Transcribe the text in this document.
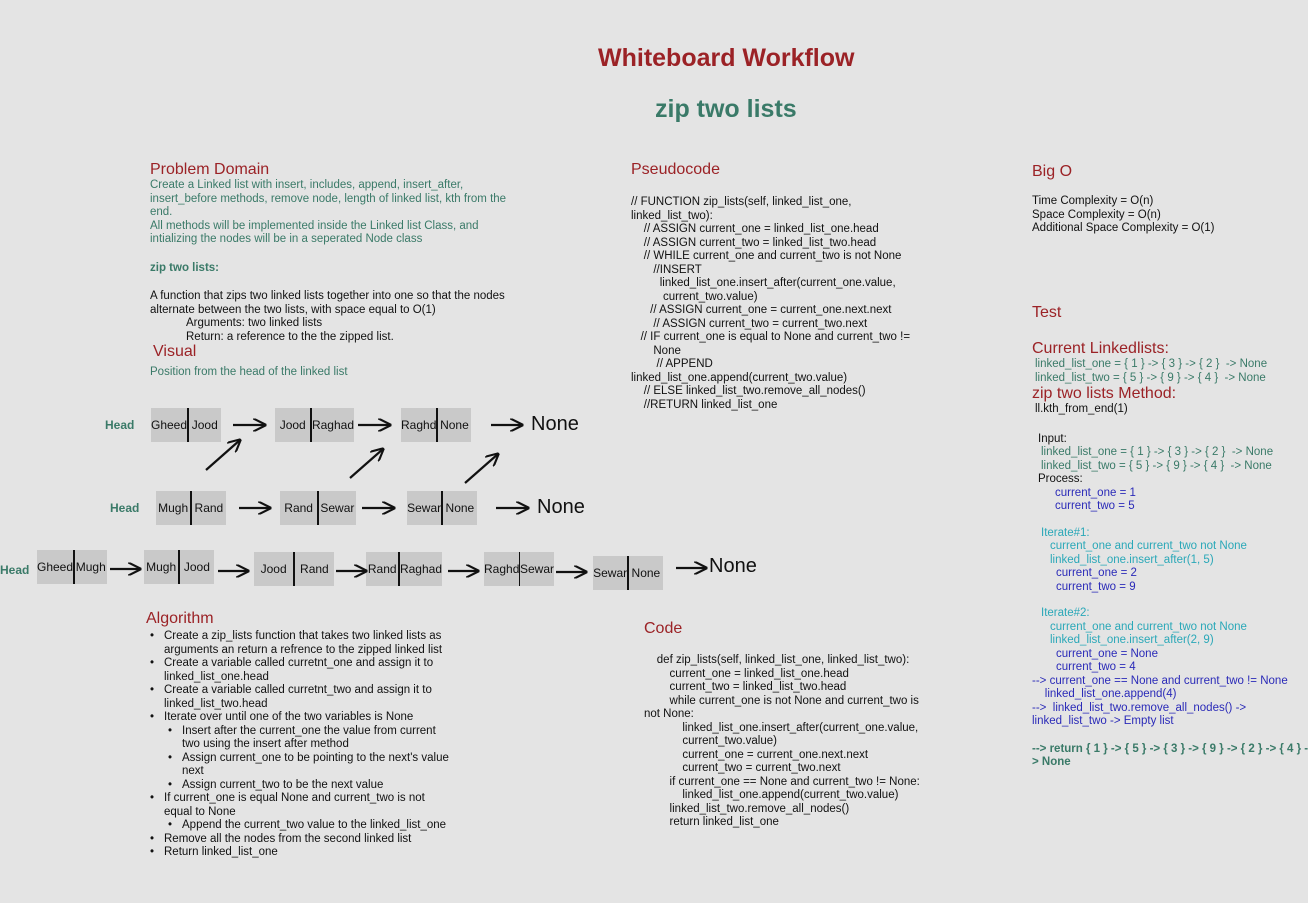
Whiteboard Workflow
zip two lists
Problem Domain
Create a Linked list with insert, includes, append, insert_after,
insert_before methods, remove node, length of linked list, kth from the
end.
All methods will be implemented inside the Linked list Class, and
intializing the nodes will be in a seperated Node class
zip two lists:
A function that zips two linked lists together into one so that the nodes
alternate between the two lists, with space equal to O(1)
Arguments: two linked lists
Return: a reference to the the zipped list.
Visual
Position from the head of the linked list
Head Gheed Jood	Jood Raghad	Raghd None	None
Head Mugh Rand	Rand Sewar	Sewar None	None
Head Gheed Mugh	Mugh Jood	Jood	Rand	Rand Raghad	Raghd Sewar	Sewar None None
Algorithm
• Create a zip_lists function that takes two linked lists as
arguments an return a refrence to the zipped linked list
• Create a variable called curretnt_one and assign it to
linked_list_one.head
• Create a variable called curretnt_two and assign it to
linked_list_two.head
• Iterate over until one of the two variables is None
• Insert after the current_one the value from current
two using the insert after method
• Assign current_one to be pointing to the next's value
next
• Assign current_two to be the next value
• If current_one is equal None and current_two is not
equal to None
• Append the current_two value to the linked_list_one
• Remove all the nodes from the second linked list
• Return linked_list_one
Pseudocode
// FUNCTION zip_lists(self, linked_list_one,
linked_list_two):
// ASSIGN current_one = linked_list_one.head
// ASSIGN current_two = linked_list_two.head
// WHILE current_one and current_two is not None
//INSERT
linked_list_one.insert_after(current_one.value,
current_two.value)
// ASSIGN current_one = current_one.next.next
// ASSIGN current_two = current_two.next
// IF current_one is equal to None and current_two !=
None
// APPEND
linked_list_one.append(current_two.value)
// ELSE linked_list_two.remove_all_nodes()
//RETURN linked_list_one
Code
def zip_lists(self, linked_list_one, linked_list_two):
current_one = linked_list_one.head
current_two = linked_list_two.head
while current_one is not None and current_two is
not None:
linked_list_one.insert_after(current_one.value,
current_two.value)
current_one = current_one.next.next
current_two = current_two.next
if current_one == None and current_two != None:
linked_list_one.append(current_two.value)
linked_list_two.remove_all_nodes()
return linked_list_one
Big O
Time Complexity = O(n)
Space Complexity = O(n)
Additional Space Complexity = O(1)
Test
Current Linkedlists:
linked_list_one = { 1 } -> { 3 } -> { 2 }  -> None
linked_list_two = { 5 } -> { 9 } -> { 4 }  -> None
zip two lists Method:
ll.kth_from_end(1)
Input:
linked_list_one = { 1 } -> { 3 } -> { 2 }  -> None
linked_list_two = { 5 } -> { 9 } -> { 4 }  -> None
Process:
current_one = 1
current_two = 5
Iterate#1:
current_one and current_two not None
linked_list_one.insert_after(1, 5)
current_one = 2
current_two = 9
Iterate#2:
current_one and current_two not None
linked_list_one.insert_after(2, 9)
current_one = None
current_two = 4
--> current_one == None and current_two != None
linked_list_one.append(4)
-->  linked_list_two.remove_all_nodes() ->
linked_list_two -> Empty list
--> return { 1 } -> { 5 } -> { 3 } -> { 9 } -> { 2 } -> { 4 } -
> None
